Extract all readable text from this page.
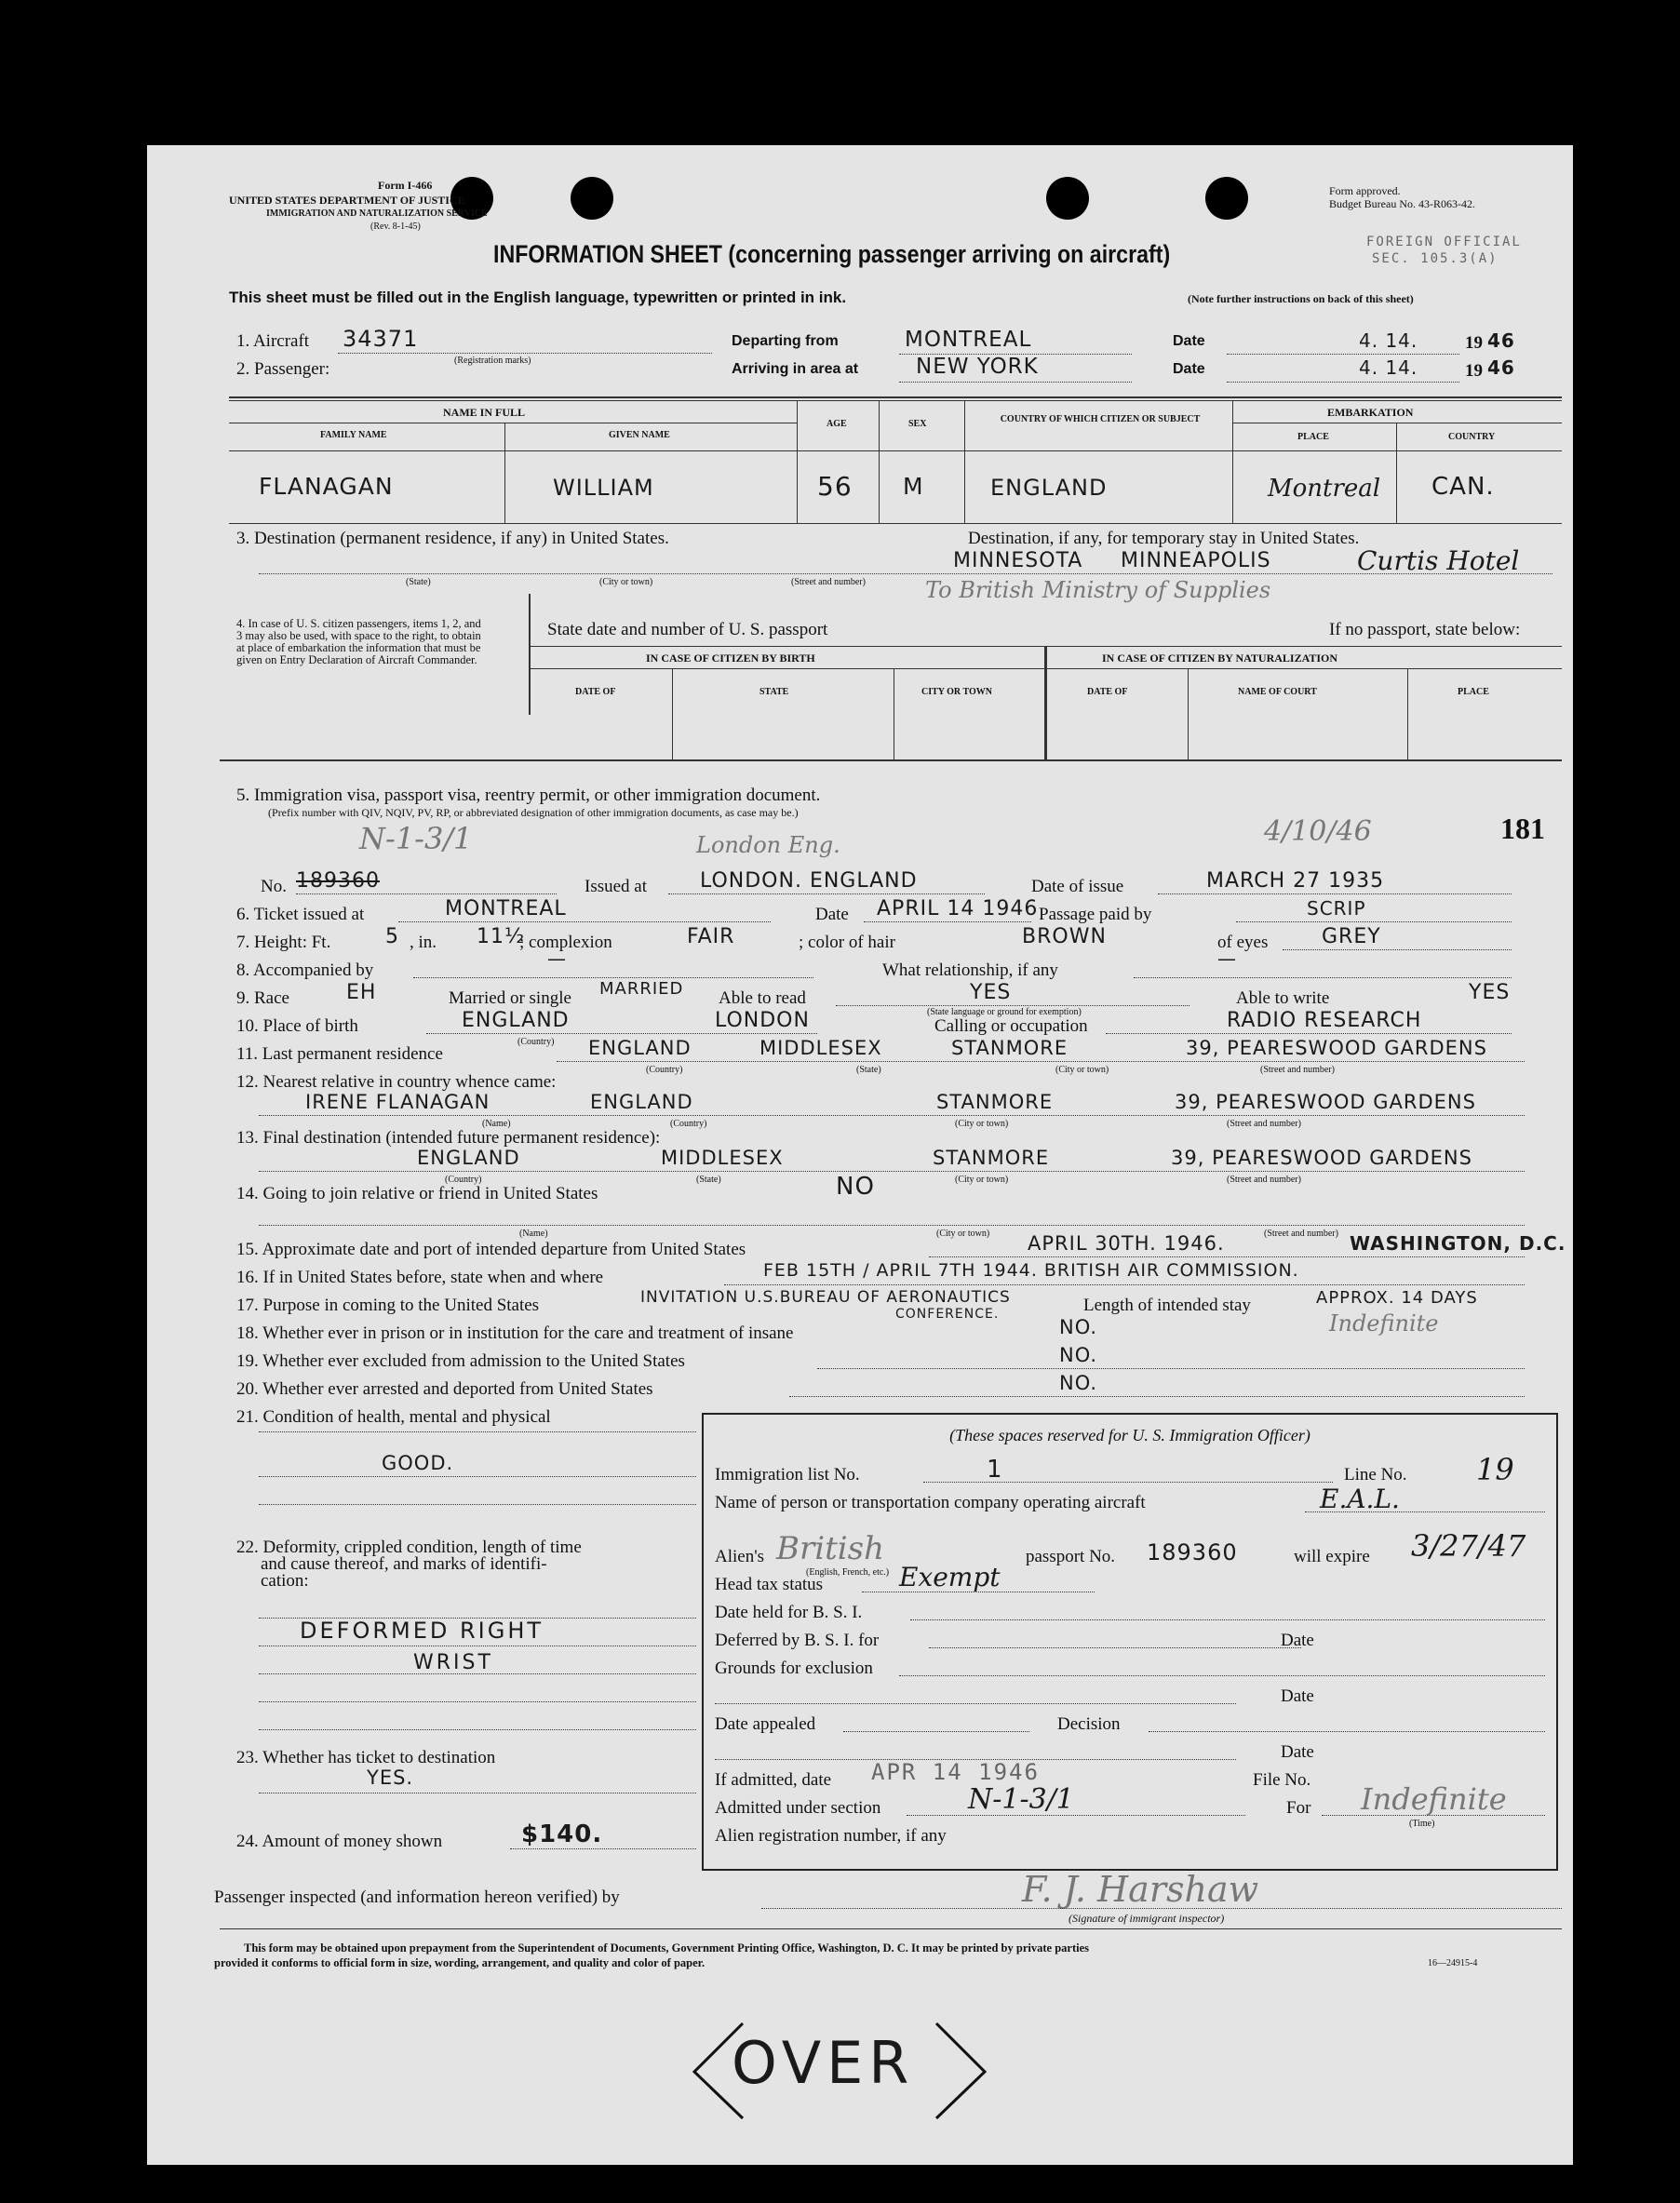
Form I-466
UNITED STATES DEPARTMENT OF JUSTICE
IMMIGRATION AND NATURALIZATION SERVICE
(Rev. 8-1-45)
Form approved.
Budget Bureau No. 43-R063-42.
INFORMATION SHEET (concerning passenger arriving on aircraft)	FOREIGN OFFICIAL
SEC. 105.3(A)
This sheet must be filled out in the English language, typewritten or printed in ink.	(Note further instructions on back of this sheet)
1. Aircraft 34371
(Registration marks)
2. Passenger:
Departing from	MONTREAL
Arriving in area at	NEW YORK
Date	4. 14.	19 46
Date	4. 14.	19 46
NAME IN FULL
FAMILY NAME	GIVEN NAME
AGE	SEX	COUNTRY OF WHICH CITIZEN OR SUBJECT
EMBARKATION
PLACE	COUNTRY
FLANAGAN	WILLIAM	56 M	ENGLAND	Montreal CAN.
3. Destination (permanent residence, if any) in United States.	Destination, if any, for temporary stay in United States.
(State)	(City or town)	(Street and number)
MINNESOTA MINNEAPOLIS	Curtis Hotel
To British Ministry of Supplies
4. In case of U. S. citizen passengers, items 1, 2, and 3 may also be used, with space to the right, to obtain at place of embarkation the information that must be given on Entry Declaration of Aircraft Commander.
State date and number of U. S. passport	If no passport, state below:
IN CASE OF CITIZEN BY BIRTH	IN CASE OF CITIZEN BY NATURALIZATION
DATE OF	STATE	CITY OR TOWN	DATE OF	NAME OF COURT	PLACE
5. Immigration visa, passport visa, reentry permit, or other immigration document.
(Prefix number with QIV, NQIV, PV, RP, or abbreviated designation of other immigration documents, as case may be.)
N-1-3/1	London Eng.	4/10/46	181
No. 189360	Issued at	LONDON. ENGLAND	Date of issue	MARCH 27 1935
6. Ticket issued at	MONTREAL	Date APRIL 14 1946 Passage paid by	SCRIP
7. Height: Ft.	5 , in. 11½
; complexion	FAIR	; color of hair	BROWN	of eyes	GREY
8. Accompanied by
—
What relationship, if any
—
9. Race	EH	Married or single MARRIED Able to read	YES
(State language or ground for exemption)
Able to write	YES
10. Place of birth	ENGLAND	LONDON
(Country)
Calling or occupation	RADIO RESEARCH
11. Last permanent residence	ENGLAND	MIDDLESEX	STANMORE	39, PEARESWOOD GARDENS
(Country)	(State)	(City or town)	(Street and number)
12. Nearest relative in country whence came:
IRENE FLANAGAN	ENGLAND	STANMORE	39, PEARESWOOD GARDENS
(Name)	(Country)	(City or town)	(Street and number)
13. Final destination (intended future permanent residence):
ENGLAND	MIDDLESEX	STANMORE	39, PEARESWOOD GARDENS
(Country)	(State)	(City or town)	(Street and number)
14. Going to join relative or friend in United States	NO
(Name)	(City or town)	(Street and number)
15. Approximate date and port of intended departure from United States	APRIL 30TH. 1946.	WASHINGTON, D.C.
16. If in United States before, state when and where	FEB 15TH / APRIL 7TH 1944. BRITISH AIR COMMISSION.
17. Purpose in coming to the United States	INVITATION U.S.BUREAU OF AERONAUTICS
CONFERENCE.	Length of intended stay	APPROX. 14 DAYS
Indefinite
18. Whether ever in prison or in institution for the care and treatment of insane	NO.
19. Whether ever excluded from admission to the United States	NO.
20. Whether ever arrested and deported from United States	NO.
21. Condition of health, mental and physical
GOOD.
22. Deformity, crippled condition, length of time
and cause thereof, and marks of identifi-
cation:
DEFORMED RIGHT
WRIST
23. Whether has ticket to destination
YES.
24. Amount of money shown	$140.
(These spaces reserved for U. S. Immigration Officer)
Immigration list No.	1	Line No. 19
Name of person or transportation company operating aircraft	E.A.L.
Alien's British
(English, French, etc.)
passport No. 189360	will expire 3/27/47
Head tax status	Exempt
Date held for B. S. I.
Deferred by B. S. I. for	Date
Grounds for exclusion
Date
Date appealed	Decision
Date
If admitted, date APR 14 1946	File No.
Admitted under section	N-1-3/1	For Indefinite
(Time)
Alien registration number, if any
Passenger inspected (and information hereon verified) by	F. J. Harshaw
(Signature of immigrant inspector)
This form may be obtained upon prepayment from the Superintendent of Documents, Government Printing Office, Washington, D. C. It may be printed by private parties
provided it conforms to official form in size, wording, arrangement, and quality and color of paper.	16—24915-4
OVER
